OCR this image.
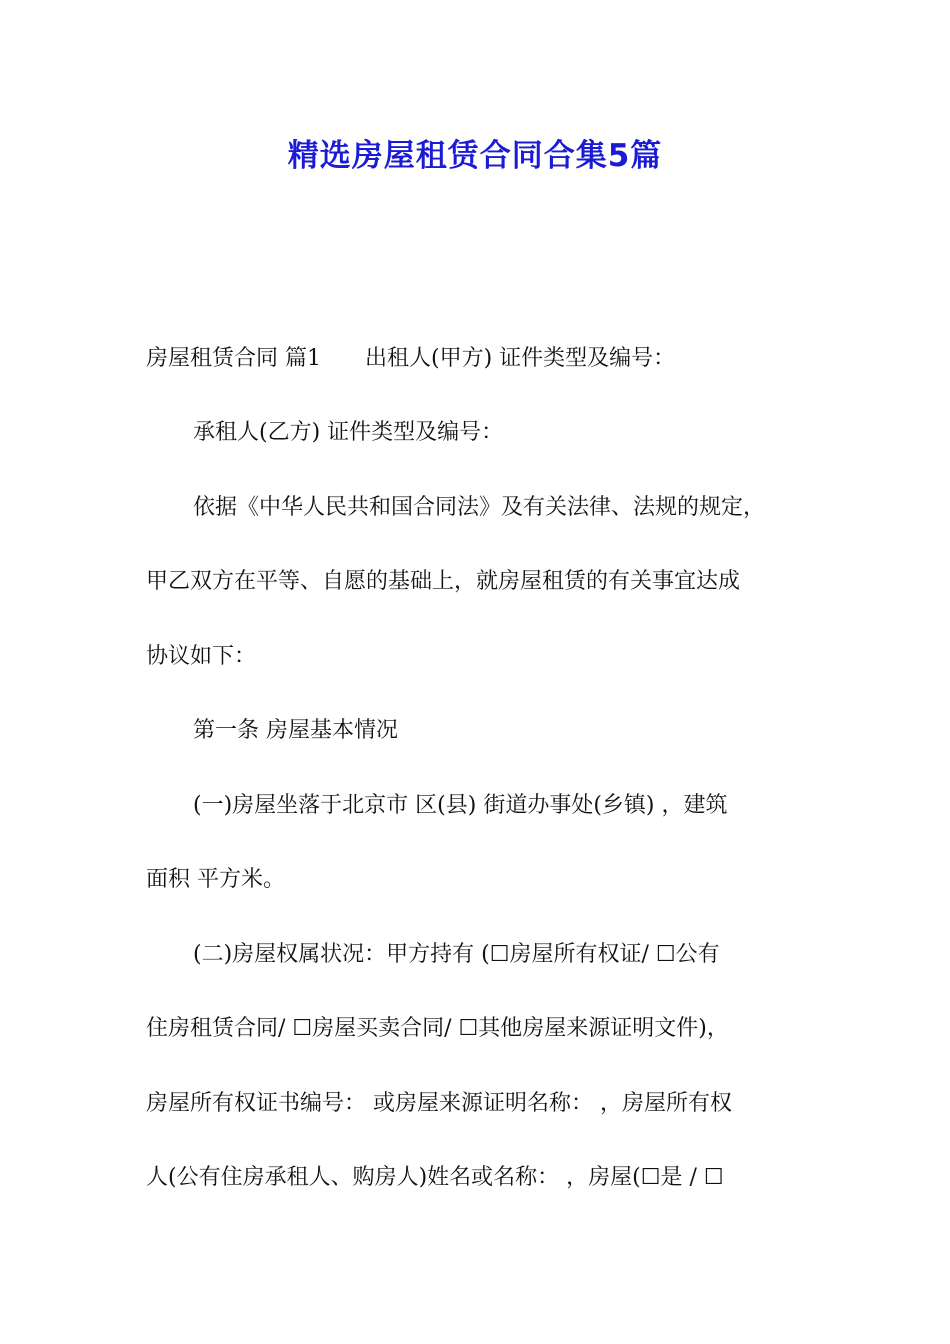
精选房屋租赁合同合集5篇

房屋租赁合同 篇1 出租人(甲方) 证件类型及编号：

承租人(乙方) 证件类型及编号：

依据《中华人民共和国合同法》及有关法律、法规的规定，

甲乙双方在平等、自愿的基础上，就房屋租赁的有关事宜达成

协议如下：

第一条 房屋基本情况

(一)房屋坐落于北京市 区(县) 街道办事处(乡镇) ，建筑

面积 平方米。

(二)房屋权属状况：甲方持有 (☐房屋所有权证/ ☐公有

住房租赁合同/ ☐房屋买卖合同/ ☐其他房屋来源证明文件)，

房屋所有权证书编号： 或房屋来源证明名称： ，房屋所有权

人(公有住房承租人、购房人)姓名或名称： ，房屋(☐是 / ☐
